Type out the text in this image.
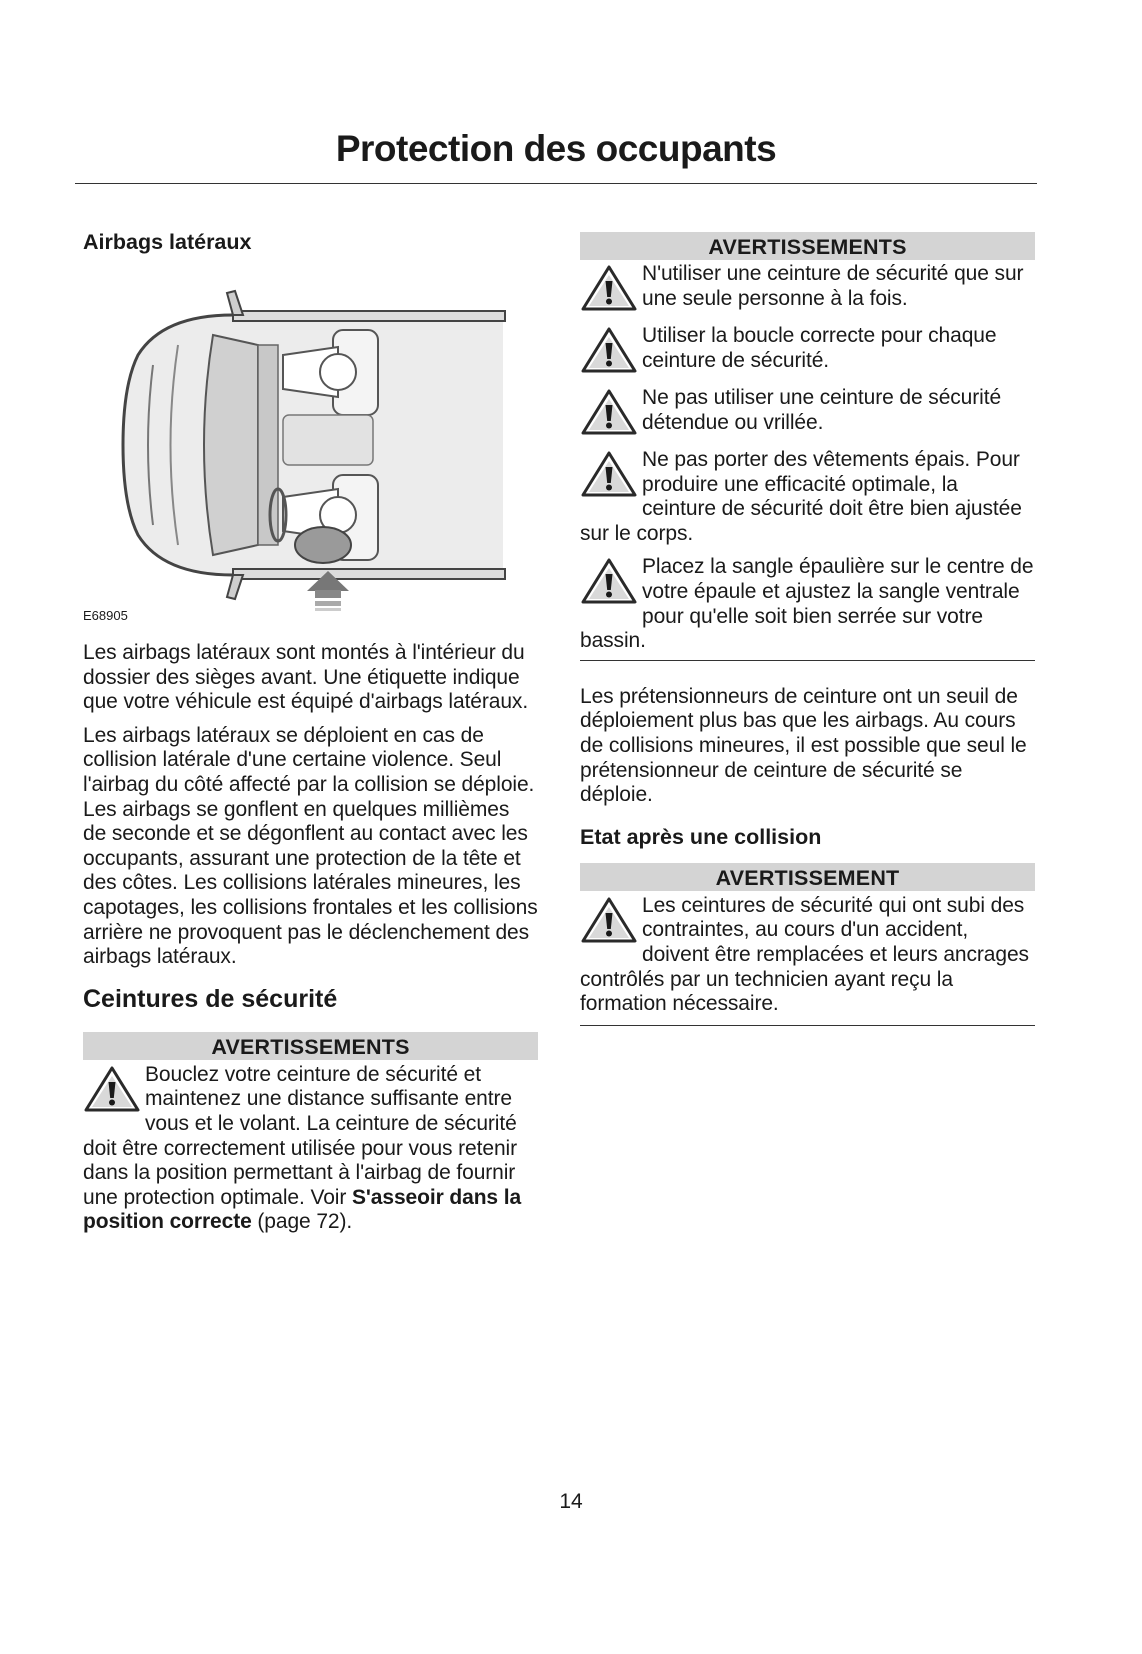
Protection des occupants
Airbags latéraux

E68905

Les airbags latéraux sont montés à l'intérieur du dossier des sièges avant. Une étiquette indique que votre véhicule est équipé d'airbags latéraux.

Les airbags latéraux se déploient en cas de collision latérale d'une certaine violence. Seul l'airbag du côté affecté par la collision se déploie. Les airbags se gonflent en quelques millièmes de seconde et se dégonflent au contact avec les occupants, assurant une protection de la tête et des côtes. Les collisions latérales mineures, les capotages, les collisions frontales et les collisions arrière ne provoquent pas le déclenchement des airbags latéraux.

Ceintures de sécurité
AVERTISSEMENTS
Bouclez votre ceinture de sécurité et maintenez une distance suffisante entre vous et le volant. La ceinture de sécurité doit être correctement utilisée pour vous retenir dans la position permettant à l'airbag de fournir une protection optimale. Voir S'asseoir dans la position correcte (page 72).
AVERTISSEMENTS
N'utiliser une ceinture de sécurité que sur une seule personne à la fois.
Utiliser la boucle correcte pour chaque ceinture de sécurité.
Ne pas utiliser une ceinture de sécurité détendue ou vrillée.
Ne pas porter des vêtements épais. Pour produire une efficacité optimale, la ceinture de sécurité doit être bien ajustée sur le corps.
Placez la sangle épaulière sur le centre de votre épaule et ajustez la sangle ventrale pour qu'elle soit bien serrée sur votre bassin.

Les prétensionneurs de ceinture ont un seuil de déploiement plus bas que les airbags. Au cours de collisions mineures, il est possible que seul le prétensionneur de ceinture de sécurité se déploie.

Etat après une collision
AVERTISSEMENT
Les ceintures de sécurité qui ont subi des contraintes, au cours d'un accident, doivent être remplacées et leurs ancrages contrôlés par un technicien ayant reçu la formation nécessaire.
14
